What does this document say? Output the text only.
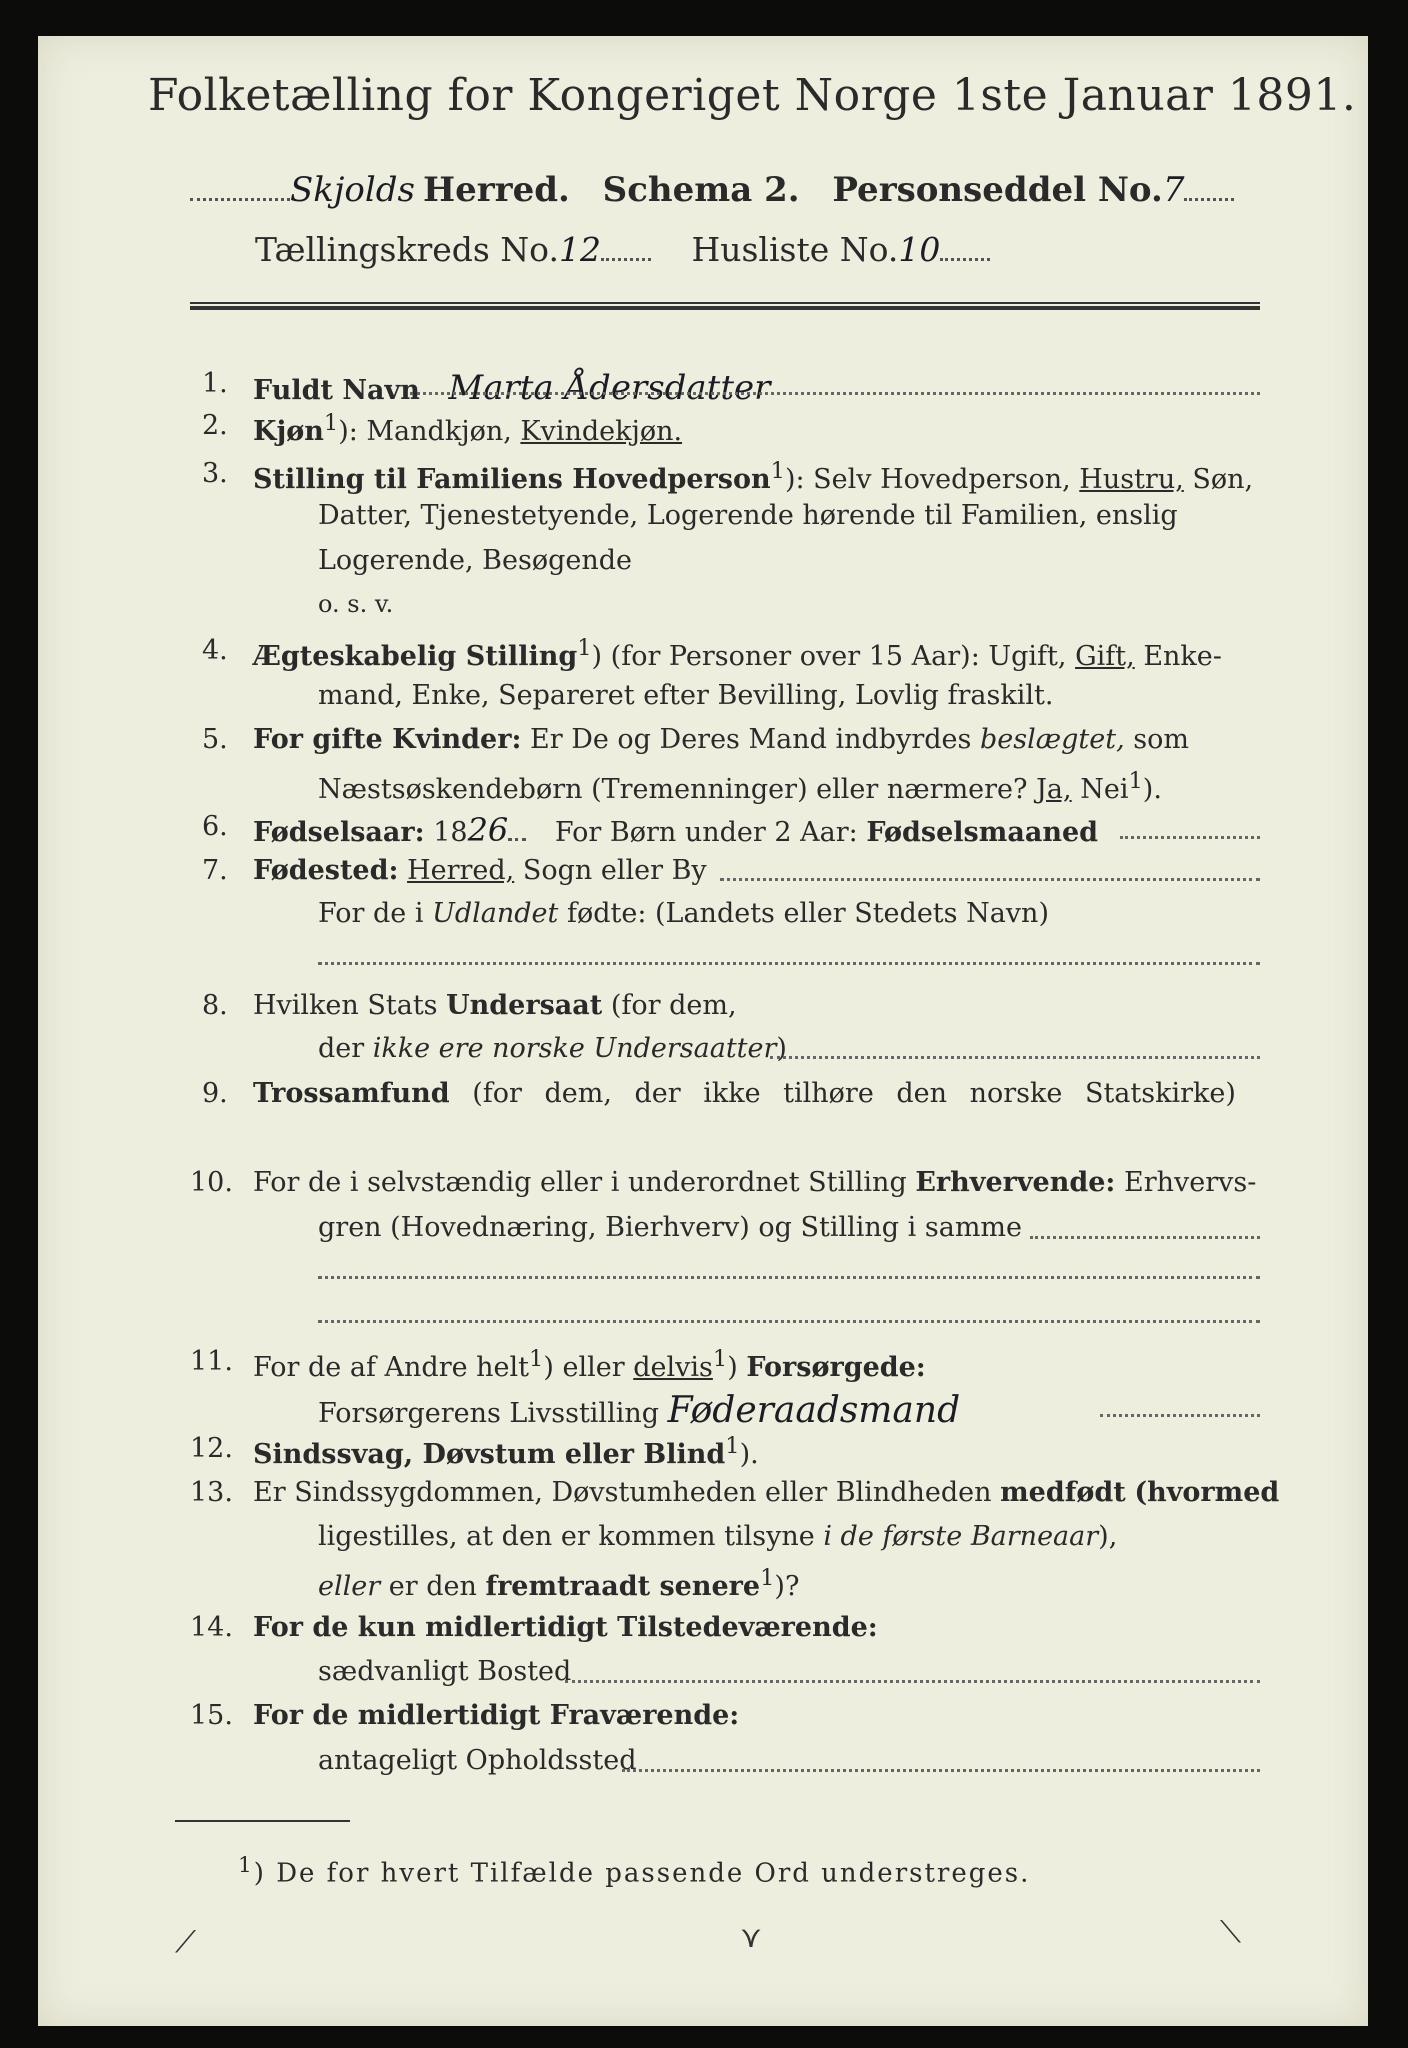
Folketælling for Kongeriget Norge 1ste Januar 1891.
Skjolds Herred. Schema 2. Personseddel No.7
Tællingskreds No.12	Husliste No.10
1. Fuldt Navn Marta Ådersdatter
2. Kjøn$^1$): Mandkjøn, Kvindekjøn.
3. Stilling til Familiens Hovedperson$^1$): Selv Hovedperson, Hustru, Søn,
Datter, Tjenestetyende, Logerende hørende til Familien, enslig
Logerende, Besøgende
o. s. v.
4. Ægteskabelig Stilling$^1$) (for Personer over 15 Aar): Ugift, Gift, Enke-
mand, Enke, Separeret efter Bevilling, Lovlig fraskilt.
5. For gifte Kvinder: Er De og Deres Mand indbyrdes beslægtet, som
Næstsøskendebørn (Tremenninger) eller nærmere? Ja, Nei$^1$).
6. Fødselsaar: 1826 For Børn under 2 Aar: Fødselsmaaned
7. Fødested: Herred, Sogn eller By
For de i Udlandet fødte: (Landets eller Stedets Navn)
8. Hvilken Stats Undersaat (for dem,
der ikke ere norske Undersaatter)
9. Trossamfund (for dem, der ikke tilhøre den norske Statskirke)
10. For de i selvstændig eller i underordnet Stilling Erhvervende: Erhvervs-
gren (Hovednæring, Bierhverv) og Stilling i samme
11. For de af Andre helt$^1$) eller delvis$^1$) Forsørgede:
Forsørgerens Livsstilling Føderaadsmand
12. Sindssvag, Døvstum eller Blind$^1$).
13. Er Sindssygdommen, Døvstumheden eller Blindheden medfødt (hvormed
ligestilles, at den er kommen tilsyne i de første Barneaar),
eller er den fremtraadt senere$^1$)?
14. For de kun midlertidigt Tilstedeværende:
sædvanligt Bosted
15. For de midlertidigt Fraværende:
antageligt Opholdssted
$^1$) De for hvert Tilfælde passende Ord understreges.
⟋	⋎	⟍
